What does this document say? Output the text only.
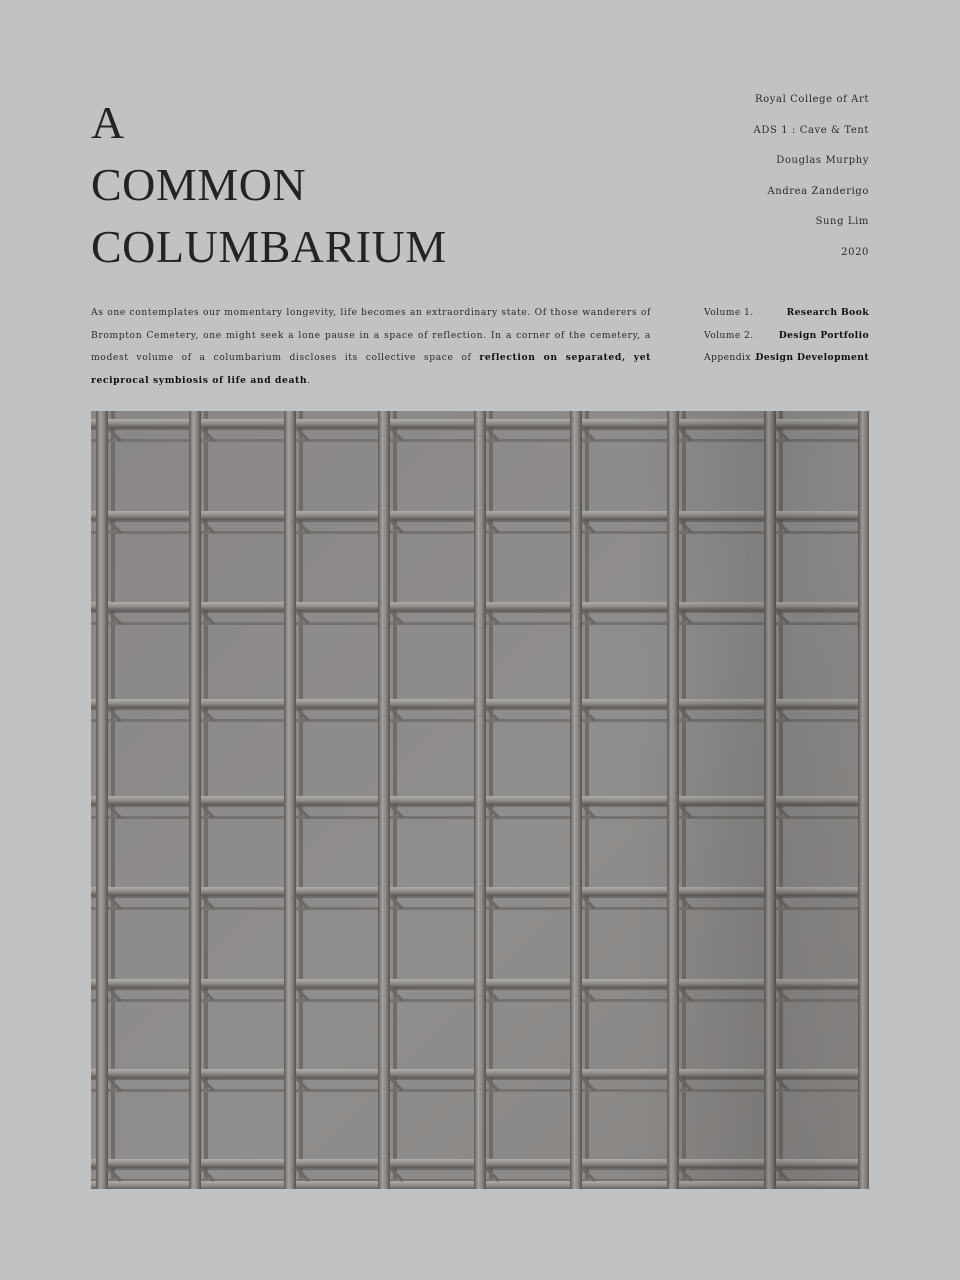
A
COMMON
COLUMBARIUM
Royal College of Art
ADS 1 : Cave & Tent
Douglas Murphy
Andrea Zanderigo
Sung Lim
2020
As one contemplates our momentary longevity, life becomes an extraordinary state. Of those wanderers of Brompton Cemetery, one might seek a lone pause in a space of reflection. In a corner of the cemetery, a modest volume of a columbarium discloses its collective space of reflection on separated, yet reciprocal symbiosis of life and death.
Volume 1.	Research Book
Volume 2.	Design Portfolio
Appendix .
Design Development
